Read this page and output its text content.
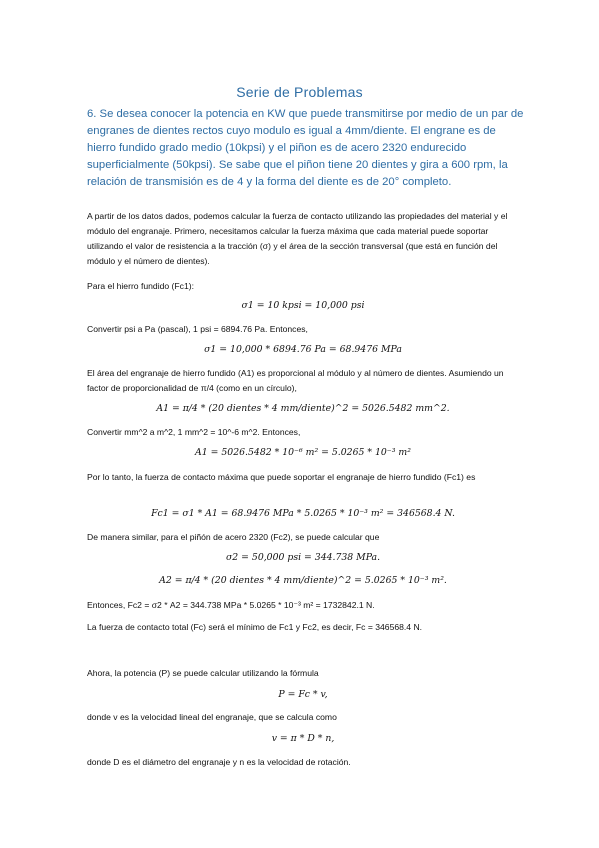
Serie de Problemas
6. Se desea conocer la potencia en KW que puede transmitirse por medio de un par de engranes de dientes rectos cuyo modulo es igual a 4mm/diente. El engrane es de hierro fundido grado medio (10kpsi) y el piñon es de acero 2320 endurecido superficialmente (50kpsi). Se sabe que el piñon tiene 20 dientes y gira a 600 rpm, la relación de transmisión es de 4 y la forma del diente es de 20° completo.
A partir de los datos dados, podemos calcular la fuerza de contacto utilizando las propiedades del material y el módulo del engranaje. Primero, necesitamos calcular la fuerza máxima que cada material puede soportar utilizando el valor de resistencia a la tracción (σ) y el área de la sección transversal (que está en función del módulo y el número de dientes).
Para el hierro fundido (Fc1):
σ1 = 10 kpsi = 10,000 psi
Convertir psi a Pa (pascal), 1 psi = 6894.76 Pa. Entonces,
σ1 = 10,000 * 6894.76 Pa = 68.9476 MPa
El área del engranaje de hierro fundido (A1) es proporcional al módulo y al número de dientes. Asumiendo un factor de proporcionalidad de π/4 (como en un círculo),
A1 = π/4 * (20 dientes * 4 mm/diente)^2 = 5026.5482 mm^2.
Convertir mm^2 a m^2, 1 mm^2 = 10^-6 m^2. Entonces,
A1 = 5026.5482 * 10⁻⁶ m² = 5.0265 * 10⁻³ m²
Por lo tanto, la fuerza de contacto máxima que puede soportar el engranaje de hierro fundido (Fc1) es
Fc1 = σ1 * A1 = 68.9476 MPa * 5.0265 * 10⁻³ m² = 346568.4 N.
De manera similar, para el piñón de acero 2320 (Fc2), se puede calcular que
σ2 = 50,000 psi = 344.738 MPa.
A2 = π/4 * (20 dientes * 4 mm/diente)^2 = 5.0265 * 10⁻³ m².
Entonces, Fc2 = σ2 * A2 = 344.738 MPa * 5.0265 * 10⁻³ m² = 1732842.1 N.
La fuerza de contacto total (Fc) será el mínimo de Fc1 y Fc2, es decir, Fc = 346568.4 N.
Ahora, la potencia (P) se puede calcular utilizando la fórmula
P = Fc * v,
donde v es la velocidad lineal del engranaje, que se calcula como
v = π * D * n,
donde D es el diámetro del engranaje y n es la velocidad de rotación.
